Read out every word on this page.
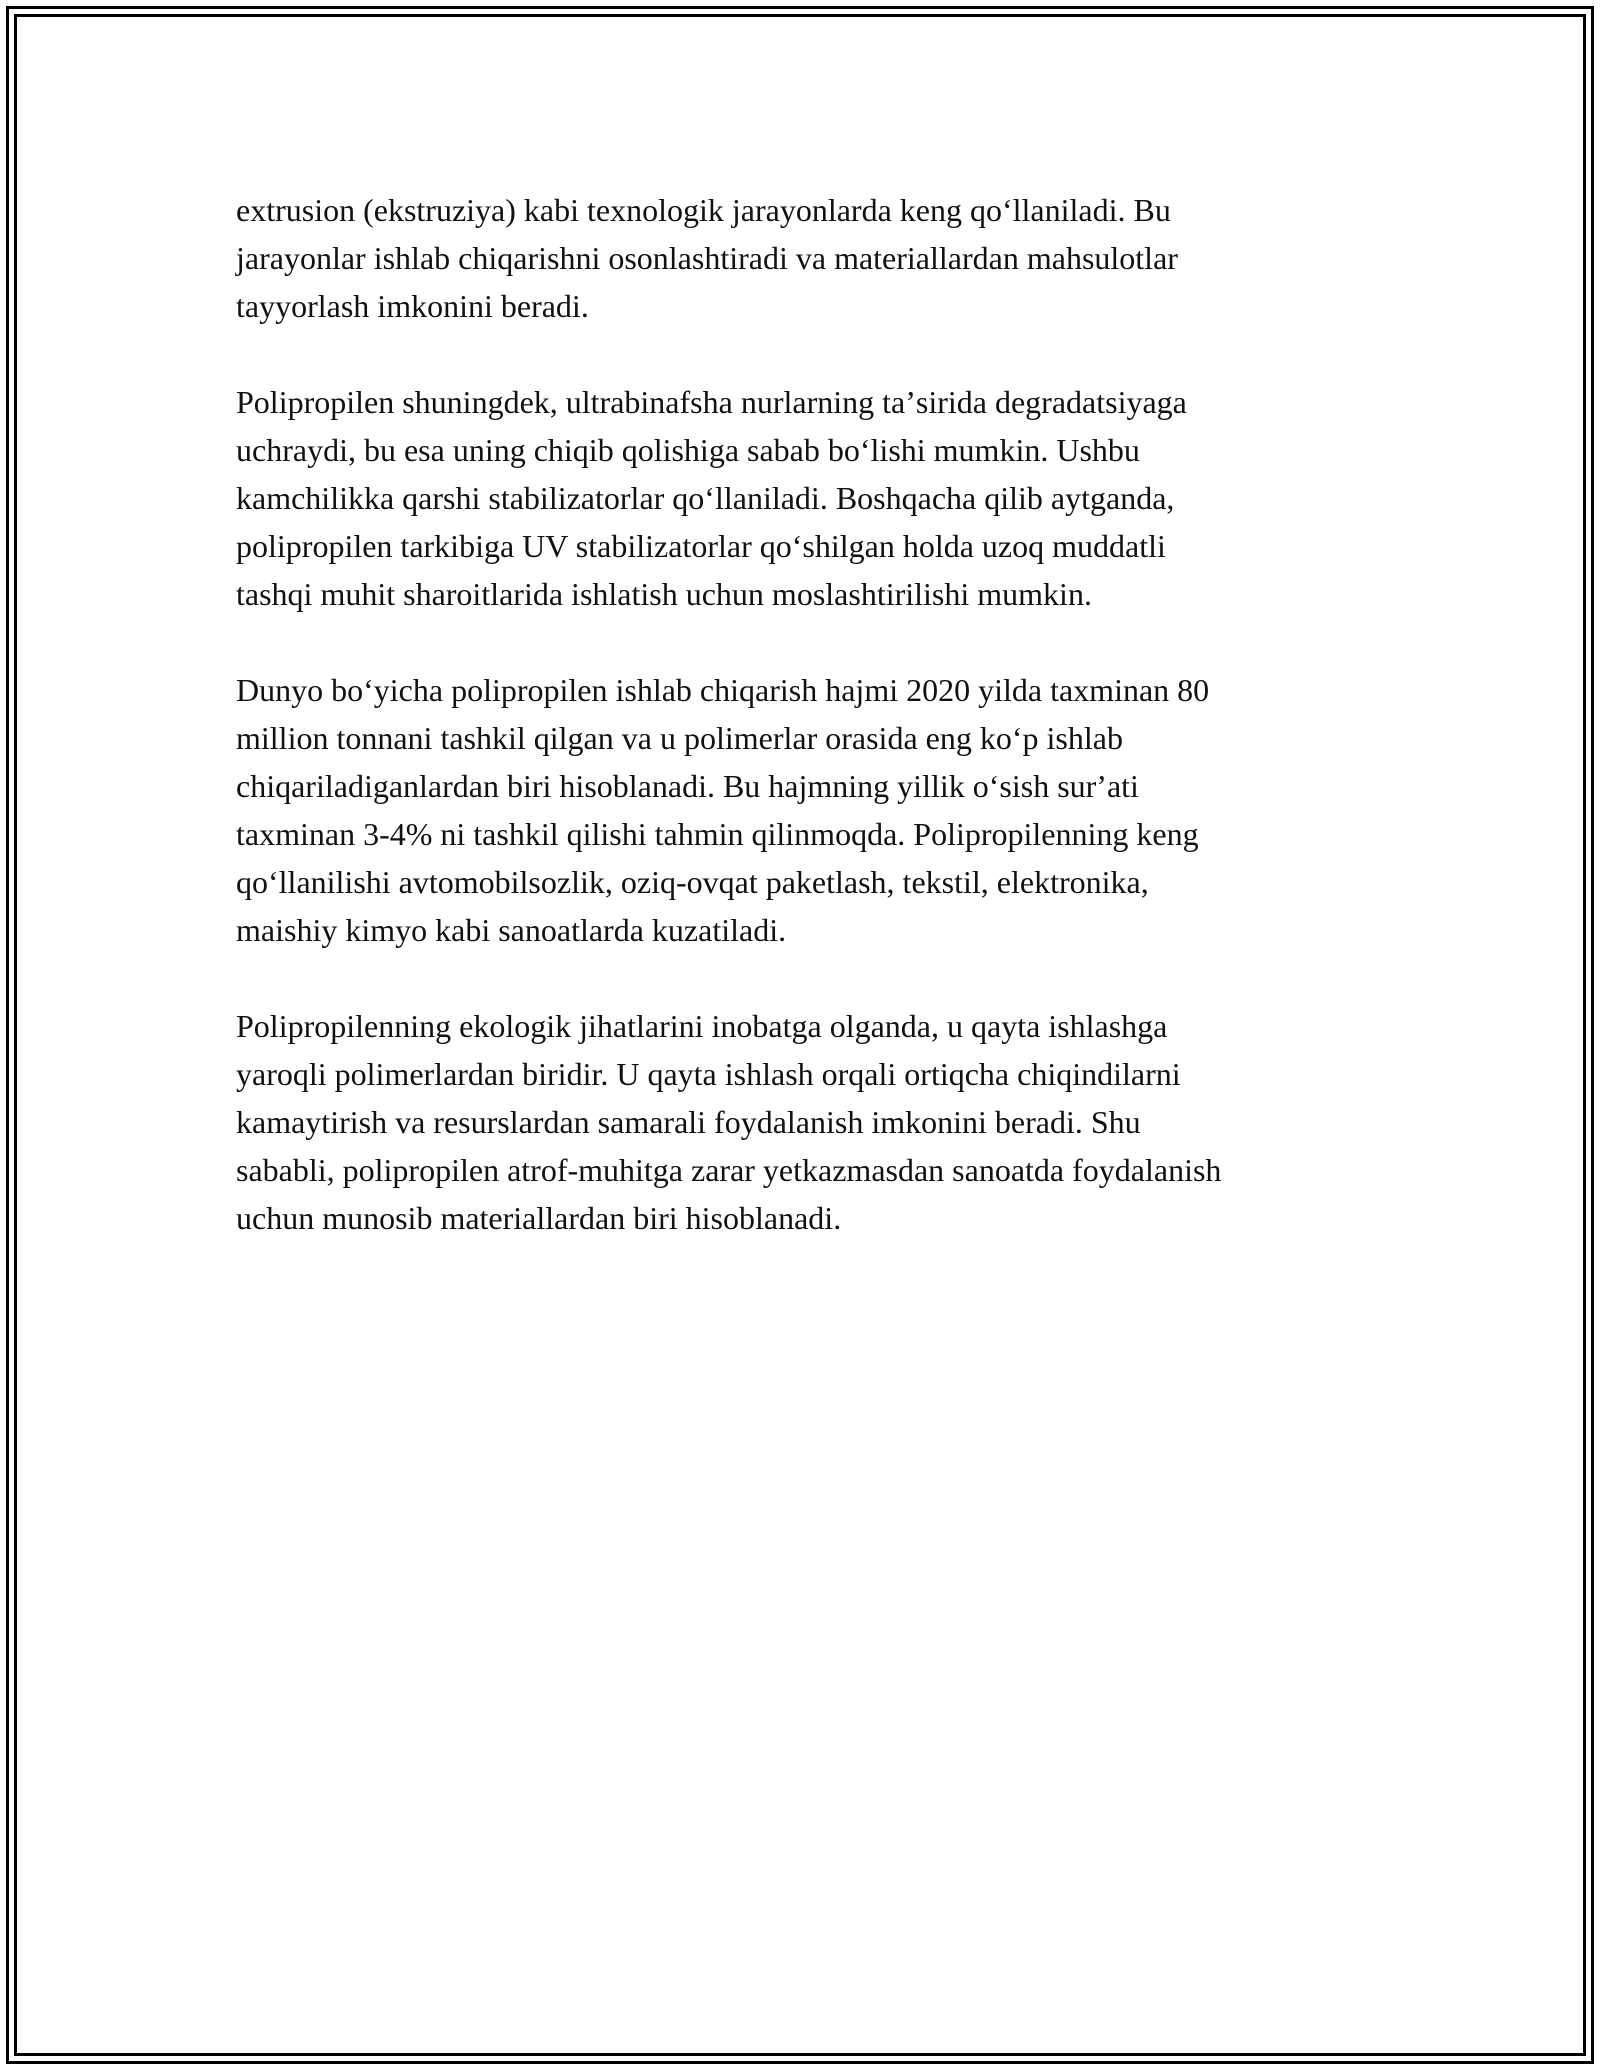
extrusion (ekstruziya) kabi texnologik jarayonlarda keng qoʻllaniladi. Bu
jarayonlar ishlab chiqarishni osonlashtiradi va materiallardan mahsulotlar
tayyorlash imkonini beradi.

Polipropilen shuningdek, ultrabinafsha nurlarning taʼsirida degradatsiyaga
uchraydi, bu esa uning chiqib qolishiga sabab boʻlishi mumkin. Ushbu
kamchilikka qarshi stabilizatorlar qoʻllaniladi. Boshqacha qilib aytganda,
polipropilen tarkibiga UV stabilizatorlar qoʻshilgan holda uzoq muddatli
tashqi muhit sharoitlarida ishlatish uchun moslashtirilishi mumkin.

Dunyo boʻyicha polipropilen ishlab chiqarish hajmi 2020 yilda taxminan 80
million tonnani tashkil qilgan va u polimerlar orasida eng koʻp ishlab
chiqariladiganlardan biri hisoblanadi. Bu hajmning yillik oʻsish surʼati
taxminan 3-4% ni tashkil qilishi tahmin qilinmoqda. Polipropilenning keng
qoʻllanilishi avtomobilsozlik, oziq-ovqat paketlash, tekstil, elektronika,
maishiy kimyo kabi sanoatlarda kuzatiladi.

Polipropilenning ekologik jihatlarini inobatga olganda, u qayta ishlashga
yaroqli polimerlardan biridir. U qayta ishlash orqali ortiqcha chiqindilarni
kamaytirish va resurslardan samarali foydalanish imkonini beradi. Shu
sababli, polipropilen atrof-muhitga zarar yetkazmasdan sanoatda foydalanish
uchun munosib materiallardan biri hisoblanadi.
